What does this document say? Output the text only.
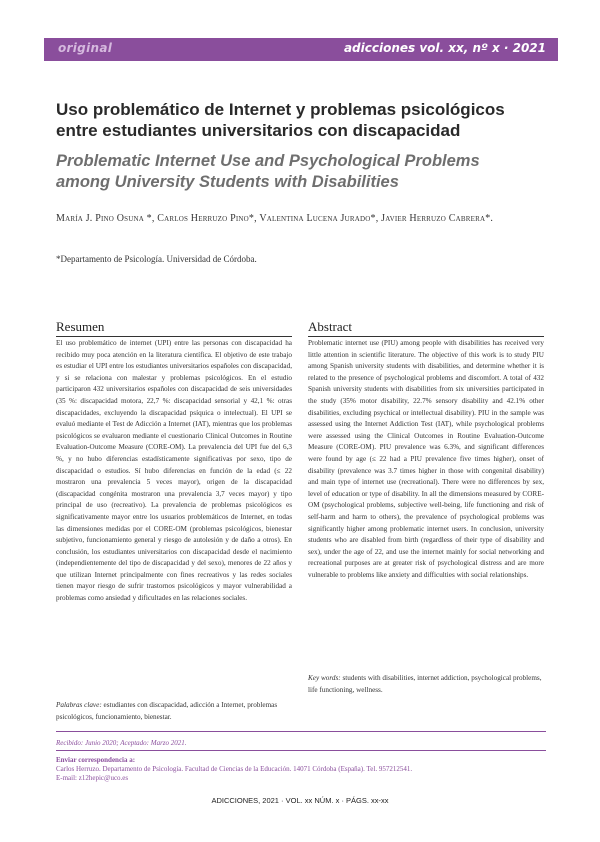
original	adicciones vol. xx, nº x · 2021
Uso problemático de Internet y problemas psicológicos entre estudiantes universitarios con discapacidad
Problematic Internet Use and Psychological Problems among University Students with Disabilities
María J. Pino Osuna *, Carlos Herruzo Pino*, Valentina Lucena Jurado*, Javier Herruzo Cabrera*.
*Departamento de Psicología. Universidad de Córdoba.
Resumen	Abstract
El uso problemático de internet (UPI) entre las personas con discapacidad ha recibido muy poca atención en la literatura científica. El objetivo de este trabajo es estudiar el UPI entre los estudiantes universitarios españoles con discapacidad, y si se relaciona con malestar y problemas psicológicos. En el estudio participaron 432 universitarios españoles con discapacidad de seis universidades (35 %: discapacidad motora, 22,7 %: discapacidad sensorial y 42,1 %: otras discapacidades, excluyendo la discapacidad psíquica o intelectual). El UPI se evaluó mediante el Test de Adicción a Internet (IAT), mientras que los problemas psicológicos se evaluaron mediante el cuestionario Clinical Outcomes in Routine Evaluation-Outcome Measure (CORE-OM). La prevalencia del UPI fue del 6,3 %, y no hubo diferencias estadísticamente significativas por sexo, tipo de discapacidad o estudios. Sí hubo diferencias en función de la edad (≤ 22 mostraron una prevalencia 5 veces mayor), origen de la discapacidad (discapacidad congénita mostraron una prevalencia 3,7 veces mayor) y tipo principal de uso (recreativo). La prevalencia de problemas psicológicos es significativamente mayor entre los usuarios problemáticos de Internet, en todas las dimensiones medidas por el CORE-OM (problemas psicológicos, bienestar subjetivo, funcionamiento general y riesgo de autolesión y de daño a otros). En conclusión, los estudiantes universitarios con discapacidad desde el nacimiento (independientemente del tipo de discapacidad y del sexo), menores de 22 años y que utilizan Internet principalmente con fines recreativos y las redes sociales tienen mayor riesgo de sufrir trastornos psicológicos y mayor vulnerabilidad a problemas como ansiedad y dificultades en las relaciones sociales.
Problematic internet use (PIU) among people with disabilities has received very little attention in scientific literature. The objective of this work is to study PIU among Spanish university students with disabilities, and determine whether it is related to the presence of psychological problems and discomfort. A total of 432 Spanish university students with disabilities from six universities participated in the study (35% motor disability, 22.7% sensory disability and 42.1% other disabilities, excluding psychical or intellectual disability). PIU in the sample was assessed using the Internet Addiction Test (IAT), while psychological problems were assessed using the Clinical Outcomes in Routine Evaluation-Outcome Measure (CORE-OM). PIU prevalence was 6.3%, and significant differences were found by age (≤ 22 had a PIU prevalence five times higher), onset of disability (prevalence was 3.7 times higher in those with congenital disability) and main type of internet use (recreational). There were no differences by sex, level of education or type of disability. In all the dimensions measured by CORE-OM (psychological problems, subjective well-being, life functioning and risk of self-harm and harm to others), the prevalence of psychological problems was significantly higher among problematic internet users. In conclusion, university students who are disabled from birth (regardless of their type of disability and sex), under the age of 22, and use the internet mainly for social networking and recreational purposes are at greater risk of psychological distress and are more vulnerable to problems like anxiety and difficulties with social relationships.
Palabras clave: estudiantes con discapacidad, adicción a Internet, problemas psicológicos, funcionamiento, bienestar.
Key words: students with disabilities, internet addiction, psychological problems, life functioning, wellness.
Recibido: Junio 2020; Aceptado: Marzo 2021.
Enviar correspondencia a:
Carlos Herruzo. Departamento de Psicología. Facultad de Ciencias de la Educación. 14071 Córdoba (España). Tel. 957212541.
E-mail: z12hepic@uco.es
ADICCIONES, 2021 · VOL. xx NÚM. x · PÁGS. xx-xx
